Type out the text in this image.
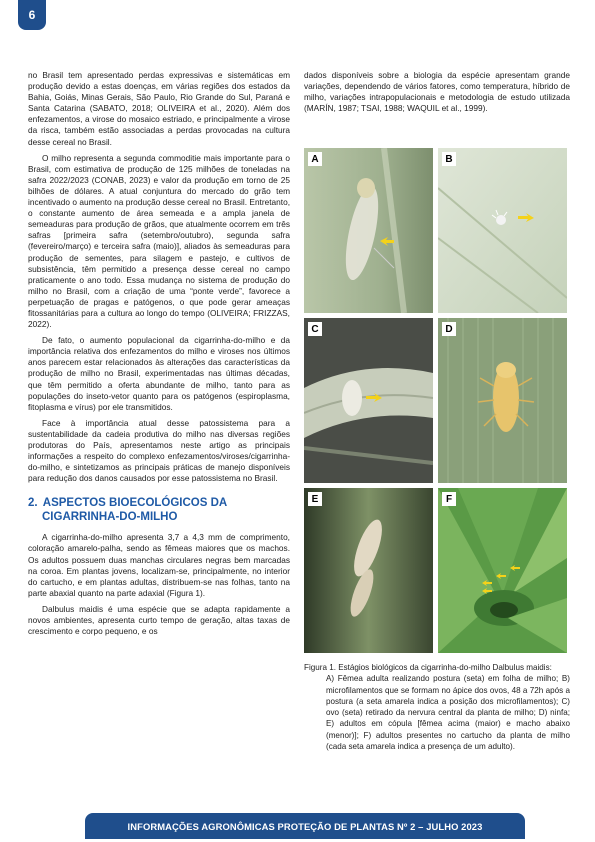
6

no Brasil tem apresentado perdas expressivas e sistemáticas em produção devido a estas doenças, em várias regiões dos estados da Bahia, Goiás, Minas Gerais, São Paulo, Rio Grande do Sul, Paraná e Santa Catarina (SABATO, 2018; OLIVEIRA et al., 2020). Além dos enfezamentos, a virose do mosaico estriado, e principalmente a virose da risca, também estão associadas a perdas provocadas na cultura desse cereal no Brasil.

O milho representa a segunda commoditie mais importante para o Brasil, com estimativa de produção de 125 milhões de toneladas na safra 2022/2023 (CONAB, 2023) e valor da produção em torno de 25 bilhões de dólares. A atual conjuntura do mercado do grão tem incentivado o aumento na produção desse cereal no Brasil. Entretanto, o constante aumento de área semeada e a ampla janela de semeaduras para produção de grãos, que atualmente ocorrem em três safras [primeira safra (setembro/outubro), segunda safra (fevereiro/março) e terceira safra (maio)], aliados às semeaduras para produção de sementes, para silagem e pastejo, e cultivos de subsistência, têm permitido a presença desse cereal no campo praticamente o ano todo. Essa mudança no sistema de produção do milho no Brasil, com a criação de uma “ponte verde”, favorece a perpetuação de pragas e patógenos, o que pode gerar ameaças fitossanitárias para a cultura ao longo do tempo (OLIVEIRA; FRIZZAS, 2022).

De fato, o aumento populacional da cigarrinha-do-milho e da importância relativa dos enfezamentos do milho e viroses nos últimos anos parecem estar relacionados às alterações das características da produção de milho no Brasil, experimentadas nas últimas décadas, que têm permitido a oferta abundante de milho, tanto para as populações do inseto-vetor quanto para os patógenos (espiroplasma, fitoplasma e vírus) por ele transmitidos.

Face à importância atual desse patossistema para a sustentabilidade da cadeia produtiva do milho nas diversas regiões produtoras do País, apresentamos neste artigo as principais informações a respeito do complexo enfezamentos/viroses/cigarrinha-do-milho, e sintetizamos as principais práticas de manejo disponíveis para redução dos danos causados por esse patossistema no Brasil.

2. ASPECTOS BIOECOLÓGICOS DA
CIGARRINHA-DO-MILHO

A cigarrinha-do-milho apresenta 3,7 a 4,3 mm de comprimento, coloração amarelo-palha, sendo as fêmeas maiores que os machos. Os adultos possuem duas manchas circulares negras bem marcadas na coroa. Em plantas jovens, localizam-se, principalmente, no interior do cartucho, e em plantas adultas, distribuem-se nas folhas, tanto na parte abaxial quanto na parte adaxial (Figura 1).

Dalbulus maidis é uma espécie que se adapta rapidamente a novos ambientes, apresenta curto tempo de geração, altas taxas de crescimento e corpo pequeno, e os

dados disponíveis sobre a biologia da espécie apresentam grande variações, dependendo de vários fatores, como temperatura, híbrido de milho, variações intrapopulacionais e metodologia de estudo utilizada (MARÍN, 1987; TSAI, 1988; WAQUIL et al., 1999).

A	B
C	D
E	F
Figura 1. Estágios biológicos da cigarrinha-do-milho Dalbulus maidis:
A) Fêmea adulta realizando postura (seta) em folha de milho; B) microfilamentos que se formam no ápice dos ovos, 48 a 72h após a postura (a seta amarela indica a posição dos microfilamentos); C) ovo (seta) retirado da nervura central da planta de milho; D) ninfa; E) adultos em cópula [fêmea acima (maior) e macho abaixo (menor)]; F) adultos presentes no cartucho da planta de milho (cada seta amarela indica a presença de um adulto).
INFORMAÇÕES AGRONÔMICAS PROTEÇÃO DE PLANTAS Nº 2 – JULHO 2023
